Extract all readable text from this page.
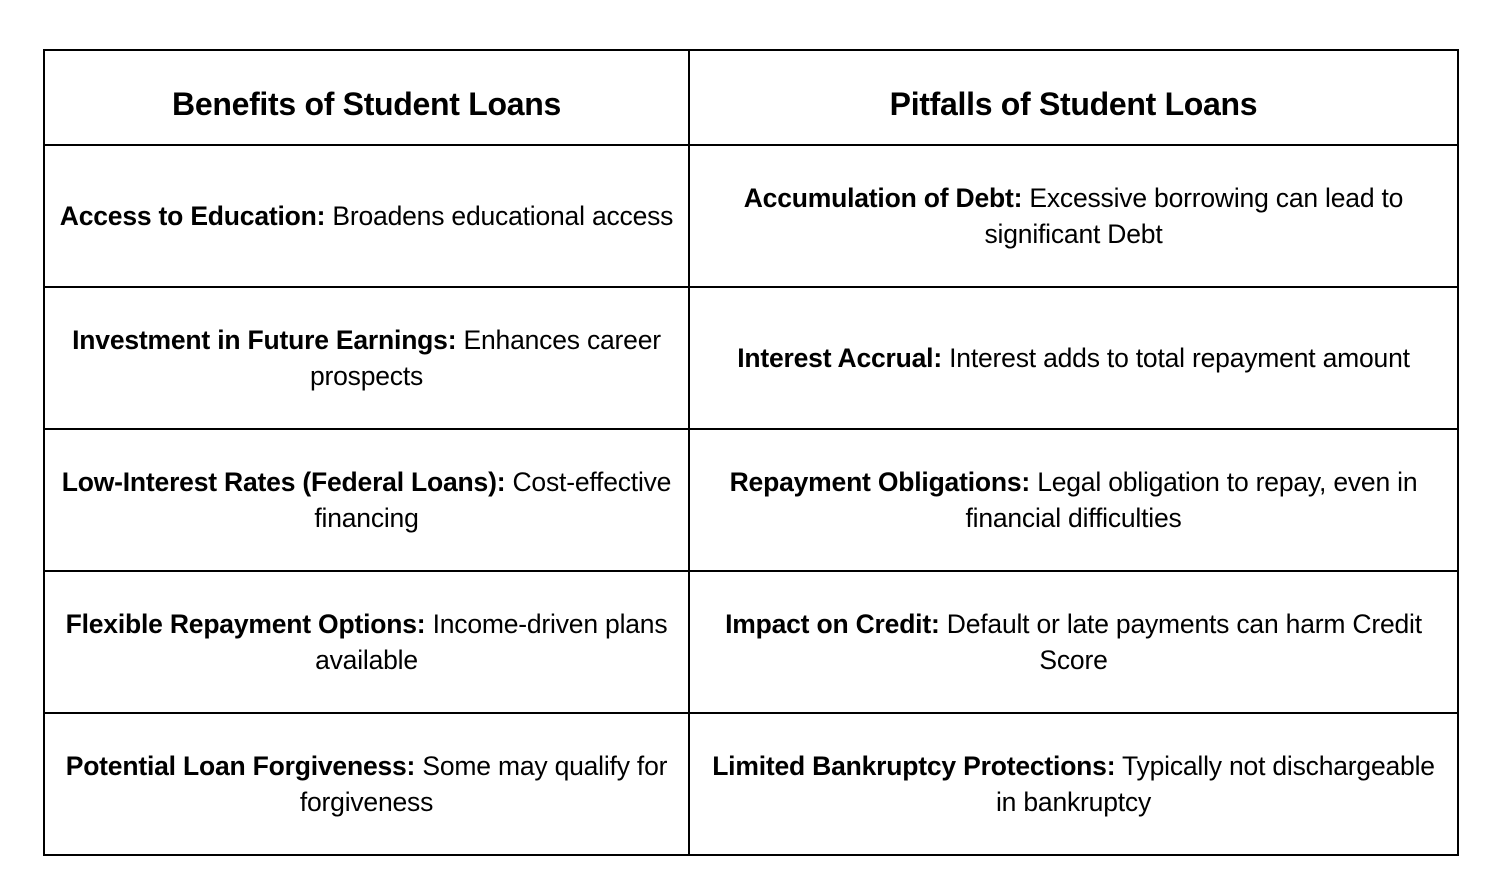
Benefits of Student Loans	Pitfalls of Student Loans
Access to Education: Broadens educational access	Accumulation of Debt: Excessive borrowing can lead to significant Debt
Investment in Future Earnings: Enhances career prospects	Interest Accrual: Interest adds to total repayment amount
Low-Interest Rates (Federal Loans): Cost-effective financing	Repayment Obligations: Legal obligation to repay, even in financial difficulties
Flexible Repayment Options: Income-driven plans available	Impact on Credit: Default or late payments can harm Credit Score
Potential Loan Forgiveness: Some may qualify for forgiveness	Limited Bankruptcy Protections: Typically not dischargeable in bankruptcy
